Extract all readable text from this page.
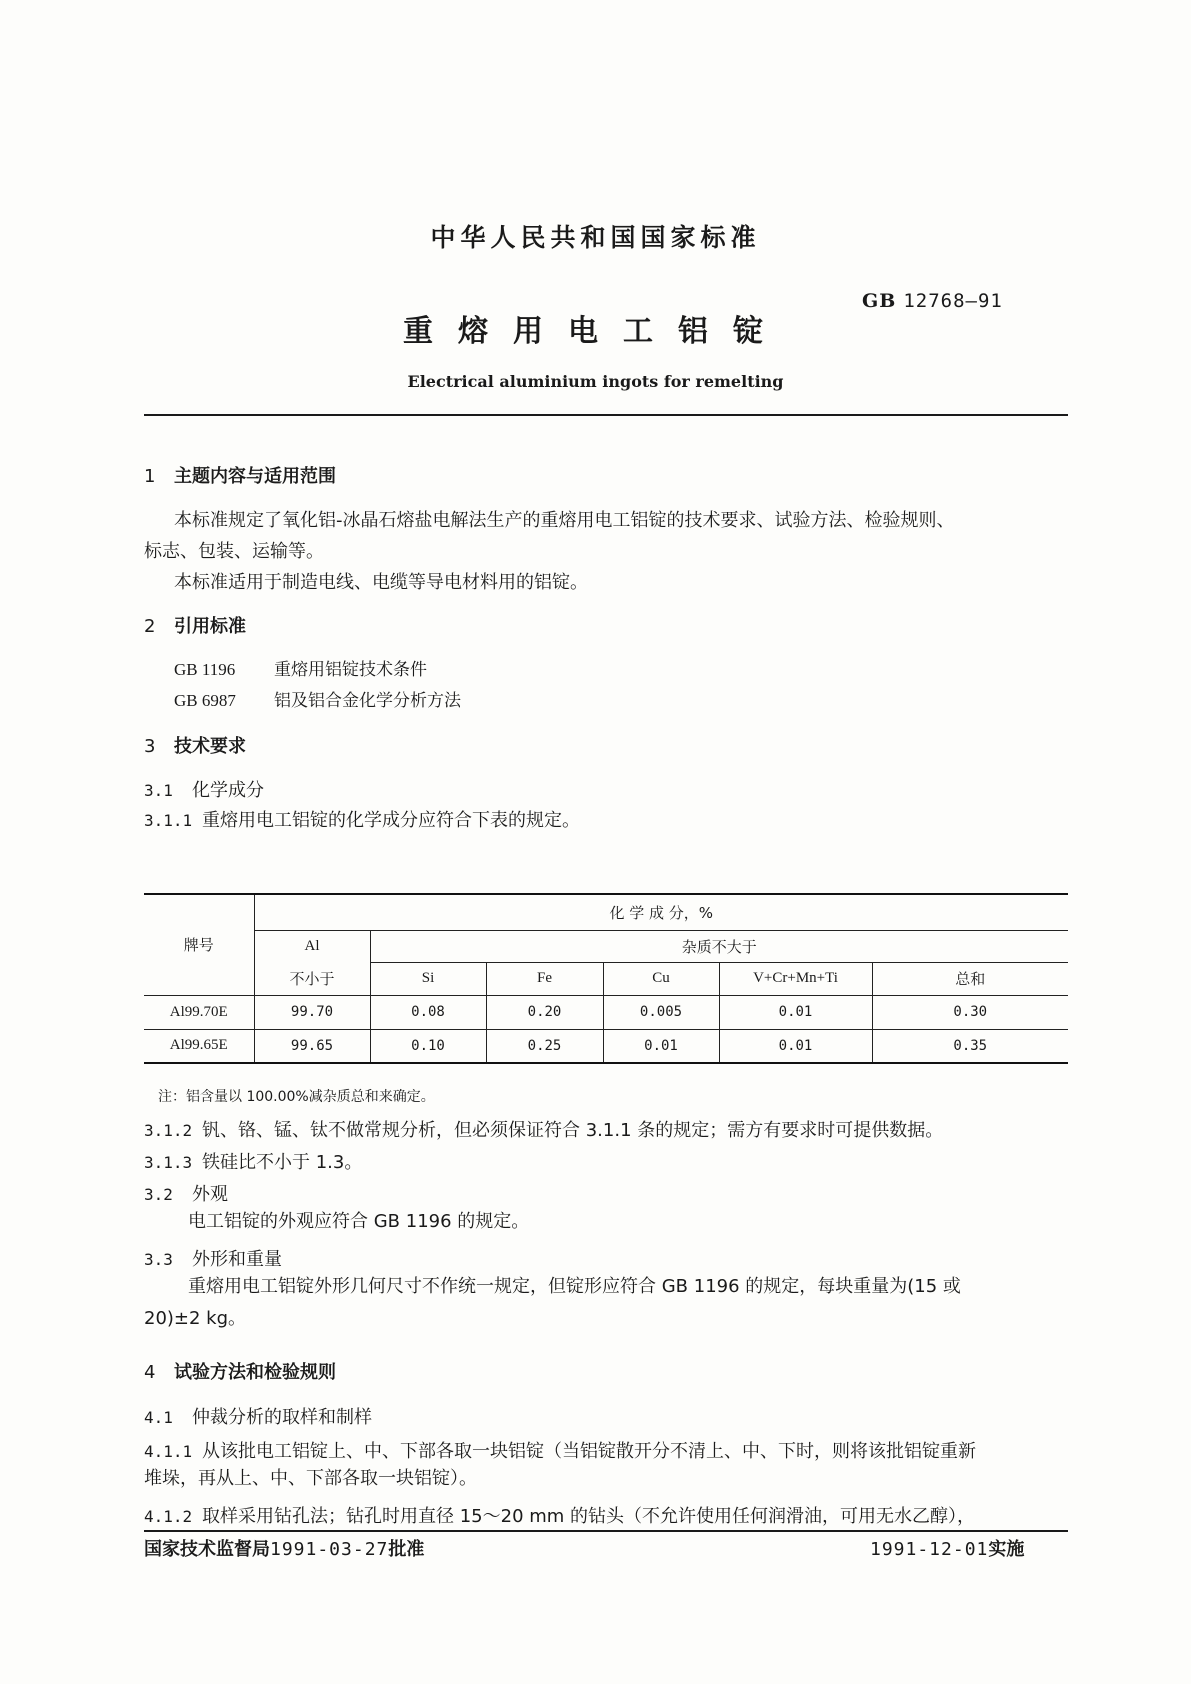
中华人民共和国国家标准
GB 12768—91
重熔用电工铝锭
Electrical aluminium ingots for remelting
1 主题内容与适用范围
本标准规定了氧化铝-冰晶石熔盐电解法生产的重熔用电工铝锭的技术要求、试验方法、检验规则、
标志、包装、运输等。
本标准适用于制造电线、电缆等导电材料用的铝锭。
2 引用标准
GB 1196 重熔用铝锭技术条件
GB 6987 铝及铝合金化学分析方法
3 技术要求
3.1 化学成分
3.1.1 重熔用电工铝锭的化学成分应符合下表的规定。
牌号	化 学 成 分，%					
	Al	杂质不大于				
	不小于	Si	Fe	Cu	V+Cr+Mn+Ti	总和
Al99.70E	99.70	0.08	0.20	0.005	0.01	0.30
Al99.65E	99.65	0.10	0.25	0.01	0.01	0.35
注：铝含量以 100.00%减杂质总和来确定。
3.1.2 钒、铬、锰、钛不做常规分析，但必须保证符合 3.1.1 条的规定；需方有要求时可提供数据。
3.1.3 铁硅比不小于 1.3。
3.2 外观
电工铝锭的外观应符合 GB 1196 的规定。
3.3 外形和重量
重熔用电工铝锭外形几何尺寸不作统一规定，但锭形应符合 GB 1196 的规定，每块重量为(15 或
20)±2 kg。
4 试验方法和检验规则
4.1 仲裁分析的取样和制样
4.1.1 从该批电工铝锭上、中、下部各取一块铝锭（当铝锭散开分不清上、中、下时，则将该批铝锭重新
堆垛，再从上、中、下部各取一块铝锭）。
4.1.2 取样采用钻孔法；钻孔时用直径 15～20 mm 的钻头（不允许使用任何润滑油，可用无水乙醇），
国家技术监督局1991-03-27批准	1991-12-01实施
